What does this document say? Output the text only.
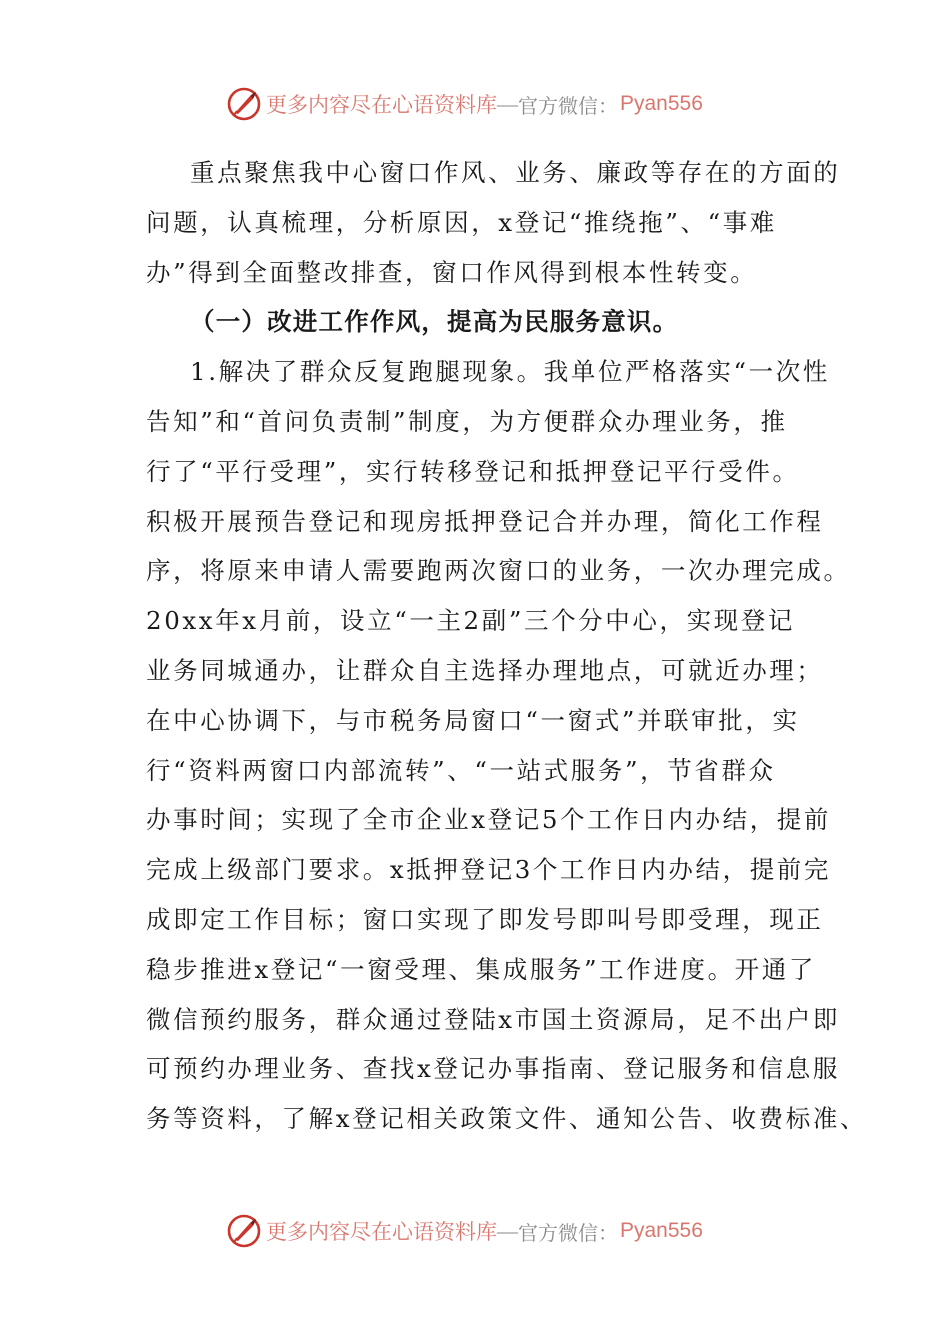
更多内容尽在心语资料库 — 官方微信： Pyan556
重点聚焦我中心窗口作风、业务、廉政等存在的方面的
问题，认真梳理，分析原因，x登记“推绕拖”、“事难
办”得到全面整改排查，窗口作风得到根本性转变。
（一）改进工作作风，提高为民服务意识。
1.解决了群众反复跑腿现象。我单位严格落实“一次性
告知”和“首问负责制”制度，为方便群众办理业务，推
行了“平行受理”，实行转移登记和抵押登记平行受件。
积极开展预告登记和现房抵押登记合并办理，简化工作程
序，将原来申请人需要跑两次窗口的业务，一次办理完成。
20xx年x月前，设立“一主2副”三个分中心，实现登记
业务同城通办，让群众自主选择办理地点，可就近办理；
在中心协调下，与市税务局窗口“一窗式”并联审批，实
行“资料两窗口内部流转”、“一站式服务”，节省群众
办事时间；实现了全市企业x登记5个工作日内办结，提前
完成上级部门要求。x抵押登记3个工作日内办结，提前完
成即定工作目标；窗口实现了即发号即叫号即受理，现正
稳步推进x登记“一窗受理、集成服务”工作进度。开通了
微信预约服务，群众通过登陆x市国土资源局，足不出户即
可预约办理业务、查找x登记办事指南、登记服务和信息服
务等资料，了解x登记相关政策文件、通知公告、收费标准、
更多内容尽在心语资料库 — 官方微信： Pyan556
